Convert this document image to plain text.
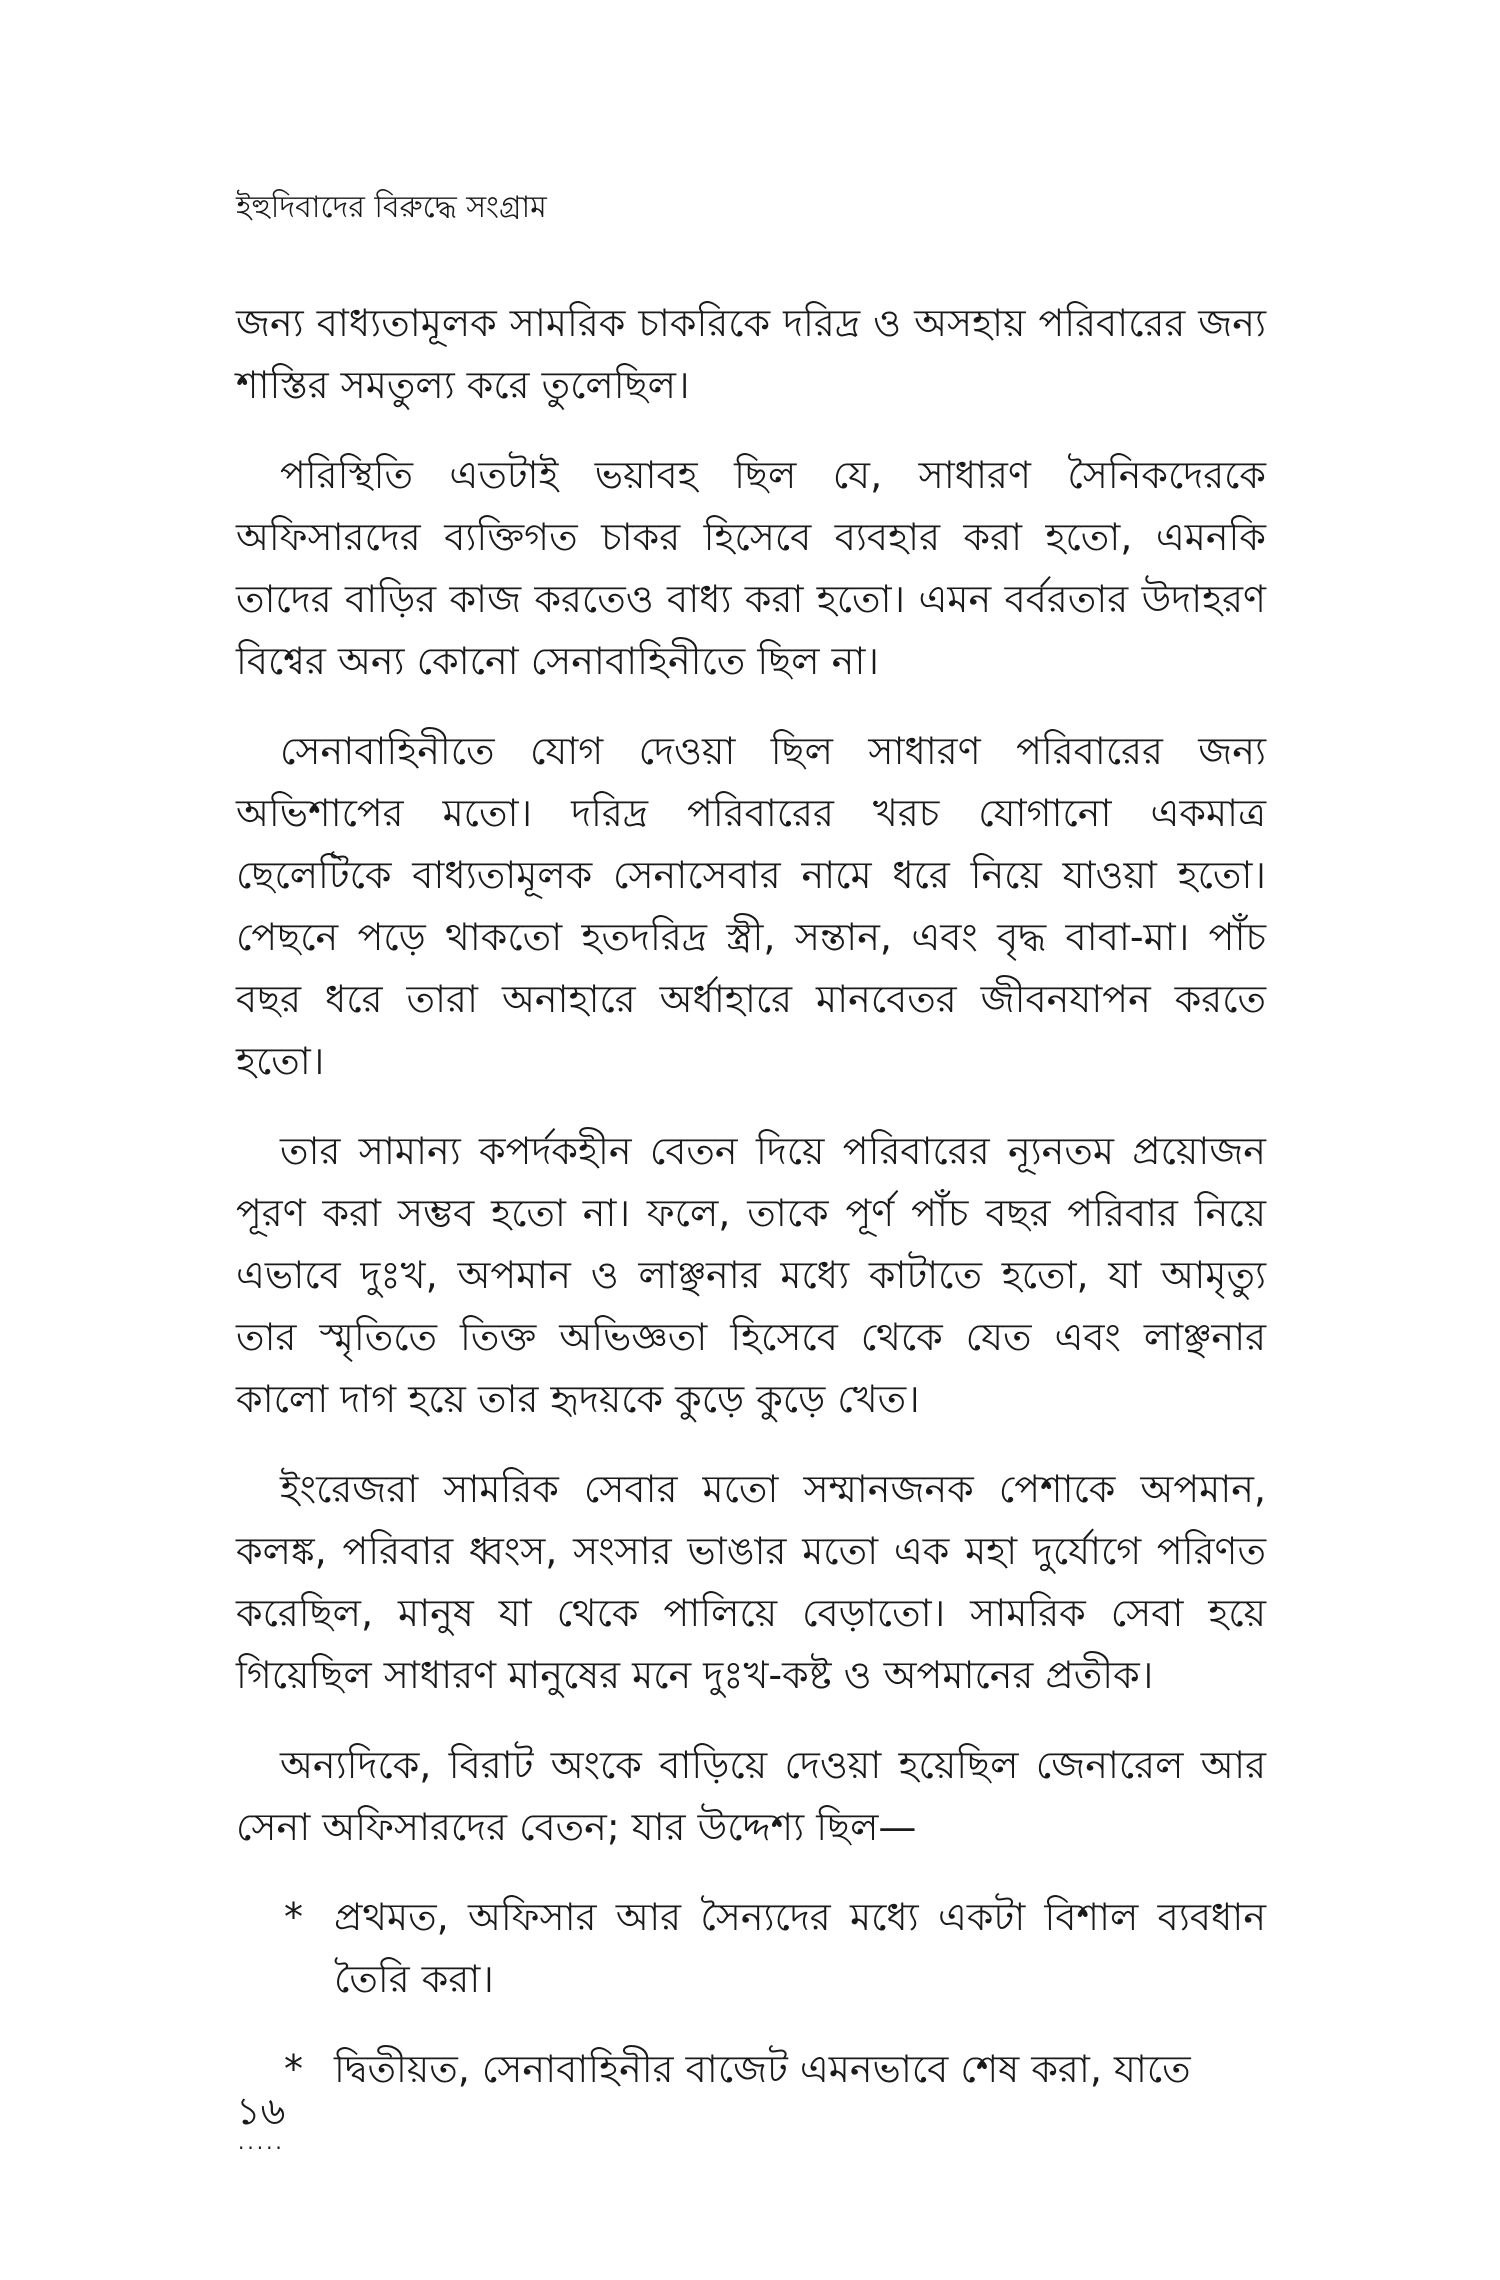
ইহুদিবাদের বিরুদ্ধে সংগ্রাম

জন্য বাধ্যতামূলক সামরিক চাকরিকে দরিদ্র ও অসহায় পরিবারের জন্য শাস্তির সমতুল্য করে তুলেছিল।

পরিস্থিতি এতটাই ভয়াবহ ছিল যে, সাধারণ সৈনিকদেরকে অফিসারদের ব্যক্তিগত চাকর হিসেবে ব্যবহার করা হতো, এমনকি তাদের বাড়ির কাজ করতেও বাধ্য করা হতো। এমন বর্বরতার উদাহরণ বিশ্বের অন্য কোনো সেনাবাহিনীতে ছিল না।

সেনাবাহিনীতে যোগ দেওয়া ছিল সাধারণ পরিবারের জন্য অভিশাপের মতো। দরিদ্র পরিবারের খরচ যোগানো একমাত্র ছেলেটিকে বাধ্যতামূলক সেনাসেবার নামে ধরে নিয়ে যাওয়া হতো। পেছনে পড়ে থাকতো হতদরিদ্র স্ত্রী, সন্তান, এবং বৃদ্ধ বাবা-মা। পাঁচ বছর ধরে তারা অনাহারে অর্ধাহারে মানবেতর জীবনযাপন করতে হতো।

তার সামান্য কপর্দকহীন বেতন দিয়ে পরিবারের ন্যূনতম প্রয়োজন পূরণ করা সম্ভব হতো না। ফলে, তাকে পূর্ণ পাঁচ বছর পরিবার নিয়ে এভাবে দুঃখ, অপমান ও লাঞ্ছনার মধ্যে কাটাতে হতো, যা আমৃত্যু তার স্মৃতিতে তিক্ত অভিজ্ঞতা হিসেবে থেকে যেত এবং লাঞ্ছনার কালো দাগ হয়ে তার হৃদয়কে কুড়ে কুড়ে খেত।

ইংরেজরা সামরিক সেবার মতো সম্মানজনক পেশাকে অপমান, কলঙ্ক, পরিবার ধ্বংস, সংসার ভাঙার মতো এক মহা দুর্যোগে পরিণত করেছিল, মানুষ যা থেকে পালিয়ে বেড়াতো। সামরিক সেবা হয়ে গিয়েছিল সাধারণ মানুষের মনে দুঃখ-কষ্ট ও অপমানের প্রতীক।

অন্যদিকে, বিরাট অংকে বাড়িয়ে দেওয়া হয়েছিল জেনারেল আর সেনা অফিসারদের বেতন; যার উদ্দেশ্য ছিল—

* প্রথমত, অফিসার আর সৈন্যদের মধ্যে একটা বিশাল ব্যবধান তৈরি করা।
* দ্বিতীয়ত, সেনাবাহিনীর বাজেট এমনভাবে শেষ করা, যাতে
১৬
.....
